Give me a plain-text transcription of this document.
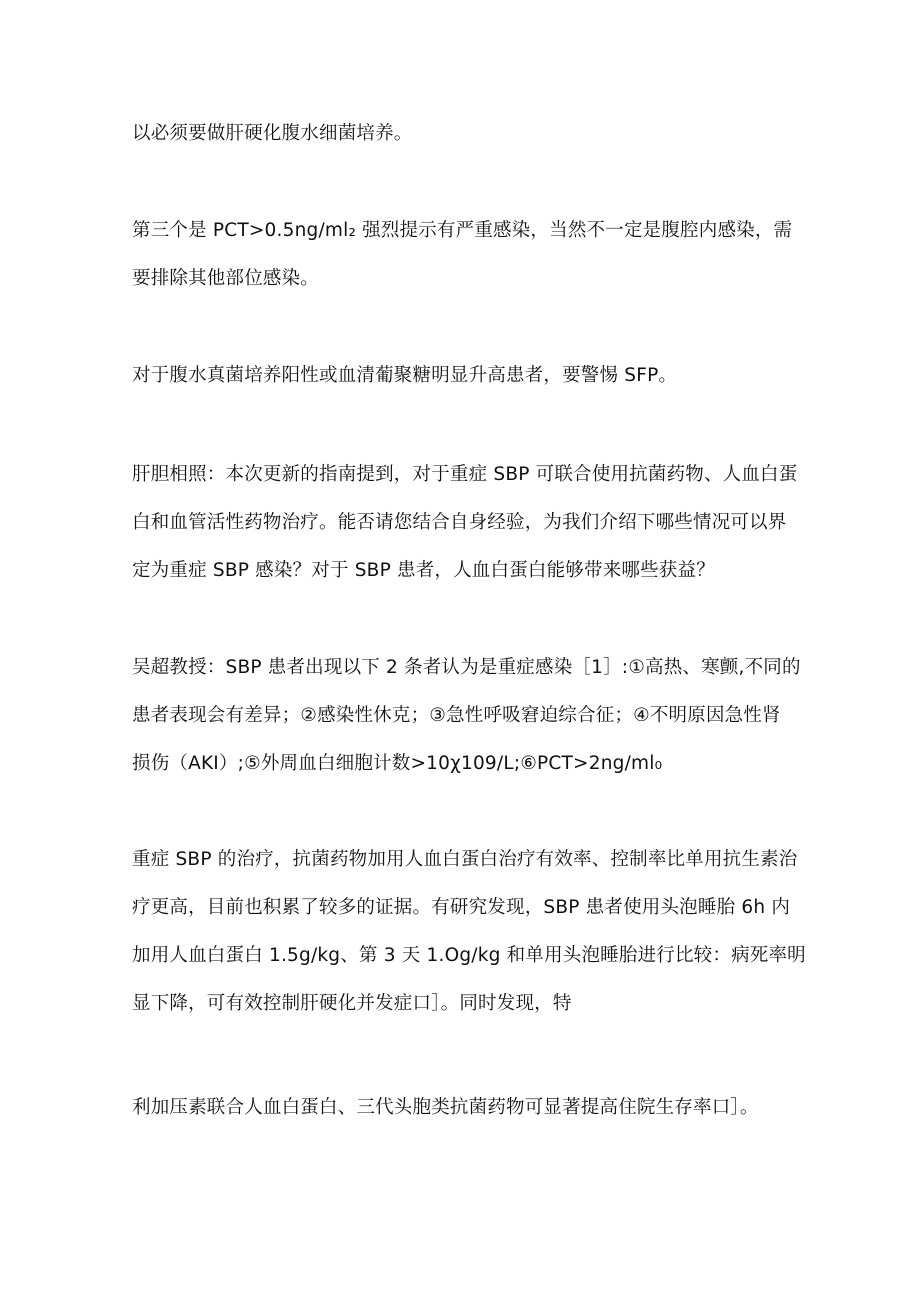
以必须要做肝硬化腹水细菌培养。

第三个是 PCT>0.5ng∕ml₂ 强烈提示有严重感染，当然不一定是腹腔内感染，需
要排除其他部位感染。

对于腹水真菌培养阳性或血清葡聚糖明显升高患者，要警惕 SFP。

肝胆相照：本次更新的指南提到，对于重症 SBP 可联合使用抗菌药物、人血白蛋
白和血管活性药物治疗。能否请您结合自身经验，为我们介绍下哪些情况可以界
定为重症 SBP 感染？对于 SBP 患者，人血白蛋白能够带来哪些获益？

吴超教授：SBP 患者出现以下 2 条者认为是重症感染［1］:①高热、寒颤,不同的
患者表现会有差异；②感染性休克；③急性呼吸窘迫综合征；④不明原因急性肾
损伤（AKI）;⑤外周血白细胞计数>10χ109∕L;⑥PCT>2ng∕ml₀

重症 SBP 的治疗，抗菌药物加用人血白蛋白治疗有效率、控制率比单用抗生素治
疗更高，目前也积累了较多的证据。有研究发现，SBP 患者使用头泡睡胎 6h 内
加用人血白蛋白 1.5g/kg、第 3 天 1.Og∕kg 和单用头泡睡胎进行比较：病死率明
显下降，可有效控制肝硬化并发症口］。同时发现，特

利加压素联合人血白蛋白、三代头胞类抗菌药物可显著提高住院生存率口］。
